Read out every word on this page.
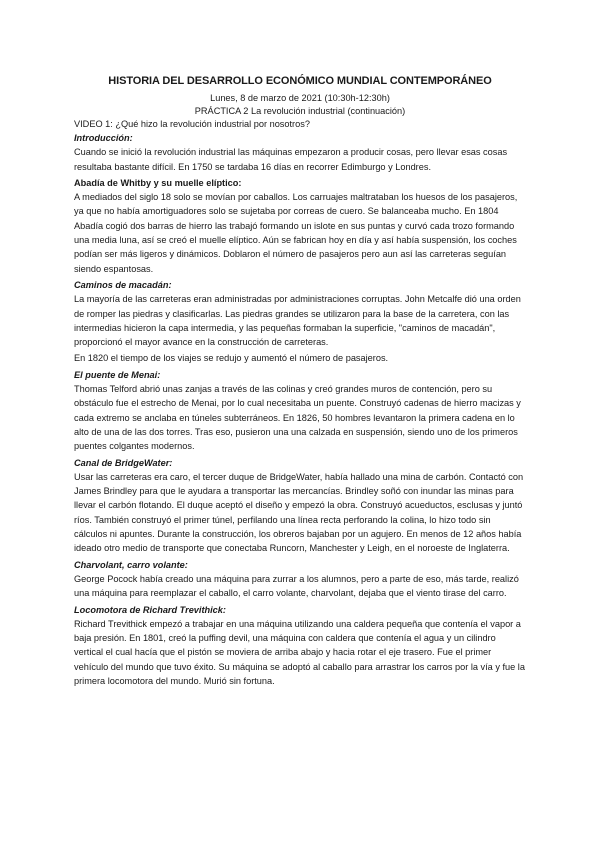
HISTORIA DEL DESARROLLO ECONÓMICO MUNDIAL CONTEMPORÁNEO

Lunes, 8 de marzo de 2021 (10:30h-12:30h)

PRÁCTICA 2 La revolución industrial (continuación)

VIDEO 1: ¿Qué hizo la revolución industrial por nosotros?

Introducción:

Cuando se inició la revolución industrial las máquinas empezaron a producir cosas, pero llevar esas cosas resultaba bastante difícil. En 1750 se tardaba 16 días en recorrer Edimburgo y Londres.

Abadía de Whitby y su muelle elíptico:

A mediados del siglo 18 solo se movían por caballos. Los carruajes maltrataban los huesos de los pasajeros, ya que no había amortiguadores solo se sujetaba por correas de cuero. Se balanceaba mucho. En 1804 Abadía cogió dos barras de hierro las trabajó formando un islote en sus puntas y curvó cada trozo formando una media luna, así se creó el muelle elíptico. Aún se fabrican hoy en día y así había suspensión, los coches podían ser más ligeros y dinámicos. Doblaron el número de pasajeros pero aun así las carreteras seguían siendo espantosas.

Caminos de macadán:

La mayoría de las carreteras eran administradas por administraciones corruptas. John Metcalfe dió una orden de romper las piedras y clasificarlas. Las piedras grandes se utilizaron para la base de la carretera, con las intermedias hicieron la capa intermedia, y las pequeñas formaban la superficie, "caminos de macadán", proporcionó el mayor avance en la construcción de carreteras.

En 1820 el tiempo de los viajes se redujo y aumentó el número de pasajeros.

El puente de Menai:

Thomas Telford abrió unas zanjas a través de las colinas y creó grandes muros de contención, pero su obstáculo fue el estrecho de Menai, por lo cual necesitaba un puente. Construyó cadenas de hierro macizas y cada extremo se anclaba en túneles subterráneos. En 1826, 50 hombres levantaron la primera cadena en lo alto de una de las dos torres. Tras eso, pusieron una una calzada en suspensión, siendo uno de los primeros puentes colgantes modernos.

Canal de BridgeWater:

Usar las carreteras era caro, el tercer duque de BridgeWater, había hallado una mina de carbón. Contactó con James Brindley para que le ayudara a transportar las mercancías. Brindley soñó con inundar las minas para llevar el carbón flotando. El duque aceptó el diseño y empezó la obra. Construyó acueductos, esclusas y juntó ríos. También construyó el primer túnel, perfilando una línea recta perforando la colina, lo hizo todo sin cálculos ni apuntes. Durante la construcción, los obreros bajaban por un agujero. En menos de 12 años había ideado otro medio de transporte que conectaba Runcorn, Manchester y Leigh, en el noroeste de Inglaterra.

Charvolant, carro volante:

George Pocock había creado una máquina para zurrar a los alumnos, pero a parte de eso, más tarde, realizó una máquina para reemplazar el caballo, el carro volante, charvolant, dejaba que el viento tirase del carro.

Locomotora de Richard Trevithick:

Richard Trevithick empezó a trabajar en una máquina utilizando una caldera pequeña que contenía el vapor a baja presión. En 1801, creó la puffing devil, una máquina con caldera que contenía el agua y un cilindro vertical el cual hacía que el pistón se moviera de arriba abajo y hacia rotar el eje trasero. Fue el primer vehículo del mundo que tuvo éxito. Su máquina se adoptó al caballo para arrastrar los carros por la vía y fue la primera locomotora del mundo. Murió sin fortuna.
